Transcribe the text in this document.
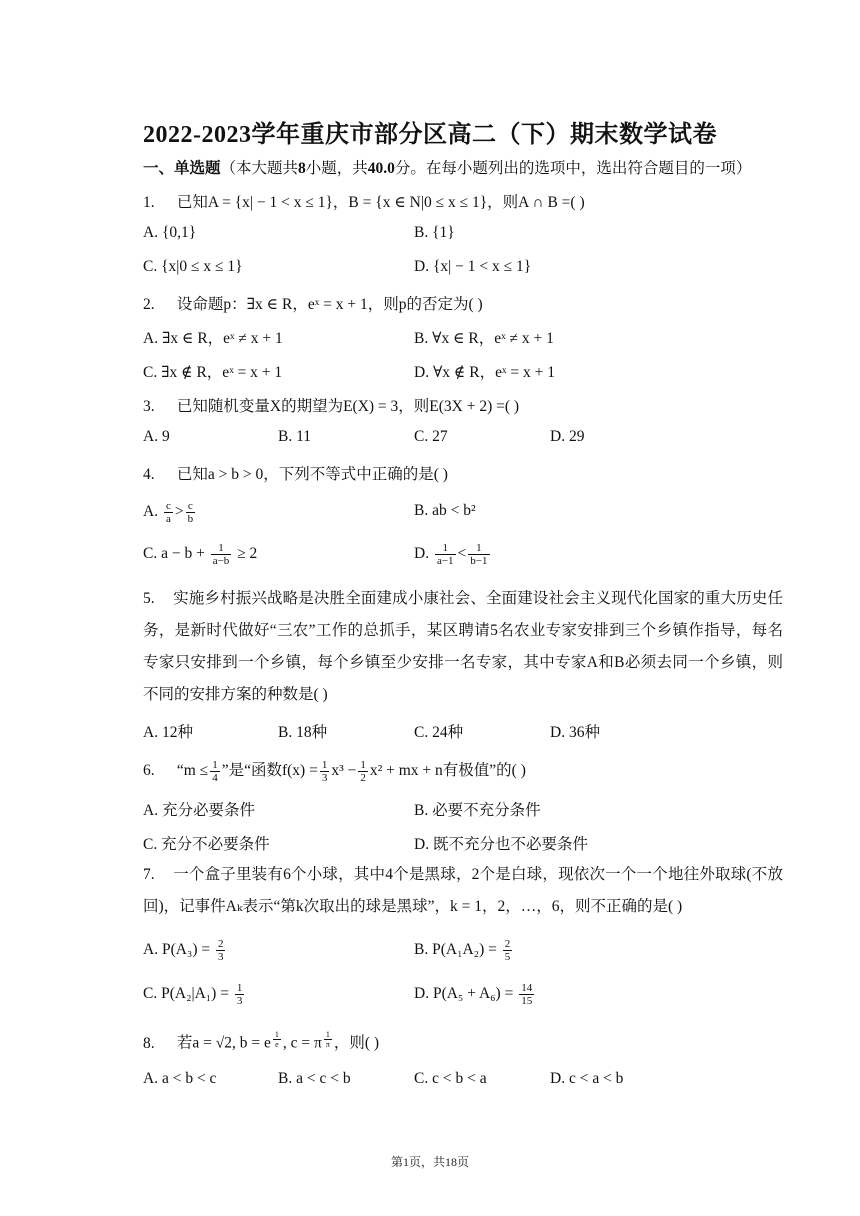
2022-2023学年重庆市部分区高二（下）期末数学试卷
一、单选题（本大题共8小题，共40.0分。在每小题列出的选项中，选出符合题目的一项）
1. 已知A = {x| − 1 < x ≤ 1}，B = {x ∈ N|0 ≤ x ≤ 1}，则A ∩ B =( )
A. {0,1}	B. {1}
C. {x|0 ≤ x ≤ 1}	D. {x| − 1 < x ≤ 1}
2. 设命题p：∃x ∈ R，eˣ = x + 1，则p的否定为( )
A. ∃x ∈ R，eˣ ≠ x + 1	B. ∀x ∈ R，eˣ ≠ x + 1
C. ∃x ∉ R，eˣ = x + 1	D. ∀x ∉ R，eˣ = x + 1
3. 已知随机变量X的期望为E(X) = 3，则E(3X + 2) =( )
A. 9	B. 11	C. 27	D. 29
4. 已知a > b > 0，下列不等式中正确的是( )
A. $\frac{c}{a} > \frac{c}{b}$	B. ab < b²
C. $a - b + \frac{1}{a-b} \ge 2$	D. $\frac{1}{a-1} < \frac{1}{b-1}$
5. 实施乡村振兴战略是决胜全面建成小康社会、全面建设社会主义现代化国家的重大历史任务，是新时代做好“三农”工作的总抓手，某区聘请5名农业专家安排到三个乡镇作指导，每名专家只安排到一个乡镇，每个乡镇至少安排一名专家，其中专家A和B必须去同一个乡镇，则不同的安排方案的种数是( )
A. 12种	B. 18种	C. 24种	D. 36种
6. “$m \le \frac{1}{4}$ ”是“函数$f(x) = \frac{1}{3} x^3 - \frac{1}{2} x^2$ + mx + n有极值”的( )
A. 充分必要条件	B. 必要不充分条件
C. 充分不必要条件	D. 既不充分也不必要条件
7. 一个盒子里装有6个小球，其中4个是黑球，2个是白球，现依次一个一个地往外取球(不放回)，记事件Aₖ表示“第k次取出的球是黑球”，k = 1，2，…，6，则不正确的是( )
A. $P(A_3) = \frac{2}{3}$	B. $P(A_1A_2) = \frac{2}{5}$
C. $P(A_2|A_1) = \frac{1}{3}$	D. $P(A_5 + A_6) = \frac{14}{15}$
8. 若a = √2, b = e $^{\frac{1}{e}}$ , c = π $^{\frac{1}{\pi}}$ ，则( )
A. a < b < c	B. a < c < b	C. c < b < a	D. c < a < b
第1页，共18页
